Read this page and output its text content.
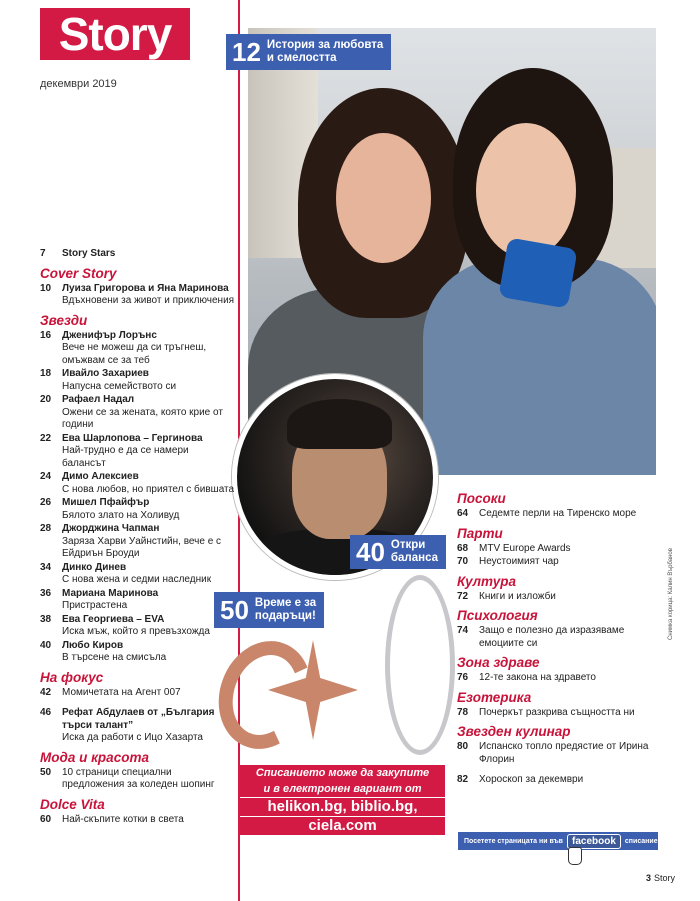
Story
декември 2019
12 История за любовта
и смелостта
40 Откри
баланса
50 Време е за
подаръци!
Списанието може да закупите
и в електронен вариант от
helikon.bg, biblio.bg,
ciela.com
7	Story Stars
Cover Story
10	Луиза Григорова и Яна Маринова
Вдъхновени за живот и приключения
Звезди
16	Дженифър Лорънс
Вече не можеш да си тръгнеш, омъжвам се за теб
18	Ивайло Захариев
Напусна семейството си
20	Рафаел Надал
Ожени се за жената, която крие от години
22	Ева Шарлопова – Гергинова
Най-трудно е да се намери балансът
24	Димо Алексиев
С нова любов, но приятел с бившата
26	Мишел Пфайфър
Бялото злато на Холивуд
28	Джорджина Чапман
Заряза Харви Уайнстийн, вече е с Ейдриън Броуди
34	Динко Динев
С нова жена и седми наследник
36	Мариана Маринова
Пристрастена
38	Ева Георгиева – EVA
Иска мъж, който я превъзхожда
40	Любо Киров
В търсене на смисъла
На фокус
42	Момичетата на Агент 007
46	Рефат Абдулаев от „България търси талант”
Иска да работи с Ицо Хазарта
Мода и красота
50	10 страници специални предложения за коледен шопинг
Dolce Vita
60	Най-скъпите котки в света
Посоки
64	Седемте перли на Тиренско море
Парти
68	MTV Europe Awards
70	Неустоимият чар
Култура
72	Книги и изложби
Психология
74	Защо е полезно да изразяваме емоциите си
Зона здраве
76	12-те закона на здравето
Езотерика
78	Почеркът разкрива същността ни
Звезден кулинар
80	Испанско топло предястие от Ирина Флорин
82	Хороскоп за декември
Посетете страницата ни във facebook	списание Story
Снимка корица: Калин Върбанов
3 Story
